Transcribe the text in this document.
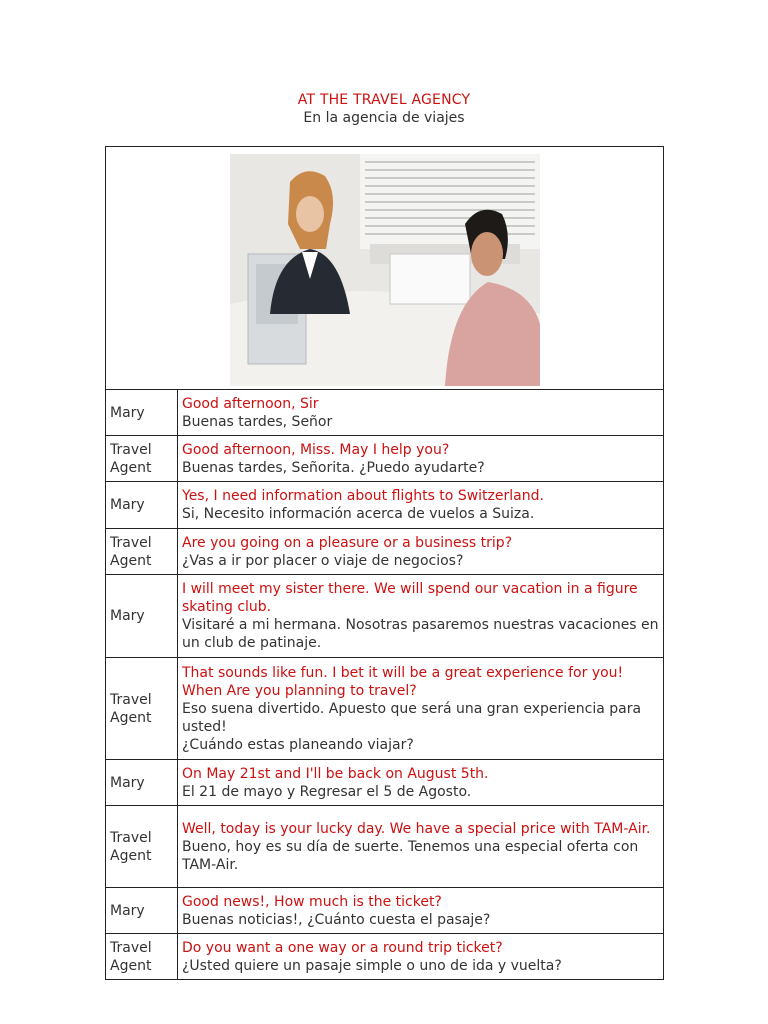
AT THE TRAVEL AGENCY
En la agencia de viajes

Mary	Good afternoon, Sir
Buenas tardes, Señor

Travel Agent	Good afternoon, Miss. May I help you?
Buenas tardes, Señorita. ¿Puedo ayudarte?

Mary	Yes, I need information about flights to Switzerland.
Si, Necesito información acerca de vuelos a Suiza.

Travel Agent	Are you going on a pleasure or a business trip?
¿Vas a ir por placer o viaje de negocios?

Mary	I will meet my sister there. We will spend our vacation in a figure skating club.
Visitaré a mi hermana. Nosotras pasaremos nuestras vacaciones en un club de patinaje.

Travel Agent	That sounds like fun. I bet it will be a great experience for you! When Are you planning to travel?
Eso suena divertido. Apuesto que será una gran experiencia para usted!
¿Cuándo estas planeando viajar?

Mary	On May 21st and I'll be back on August 5th.
El 21 de mayo y Regresar el 5 de Agosto.

Travel Agent	Well, today is your lucky day. We have a special price with TAM-Air.
Bueno, hoy es su día de suerte. Tenemos una especial oferta con TAM-Air.

Mary	Good news!, How much is the ticket?
Buenas noticias!, ¿Cuánto cuesta el pasaje?

Travel Agent	Do you want a one way or a round trip ticket?
¿Usted quiere un pasaje simple o uno de ida y vuelta?
